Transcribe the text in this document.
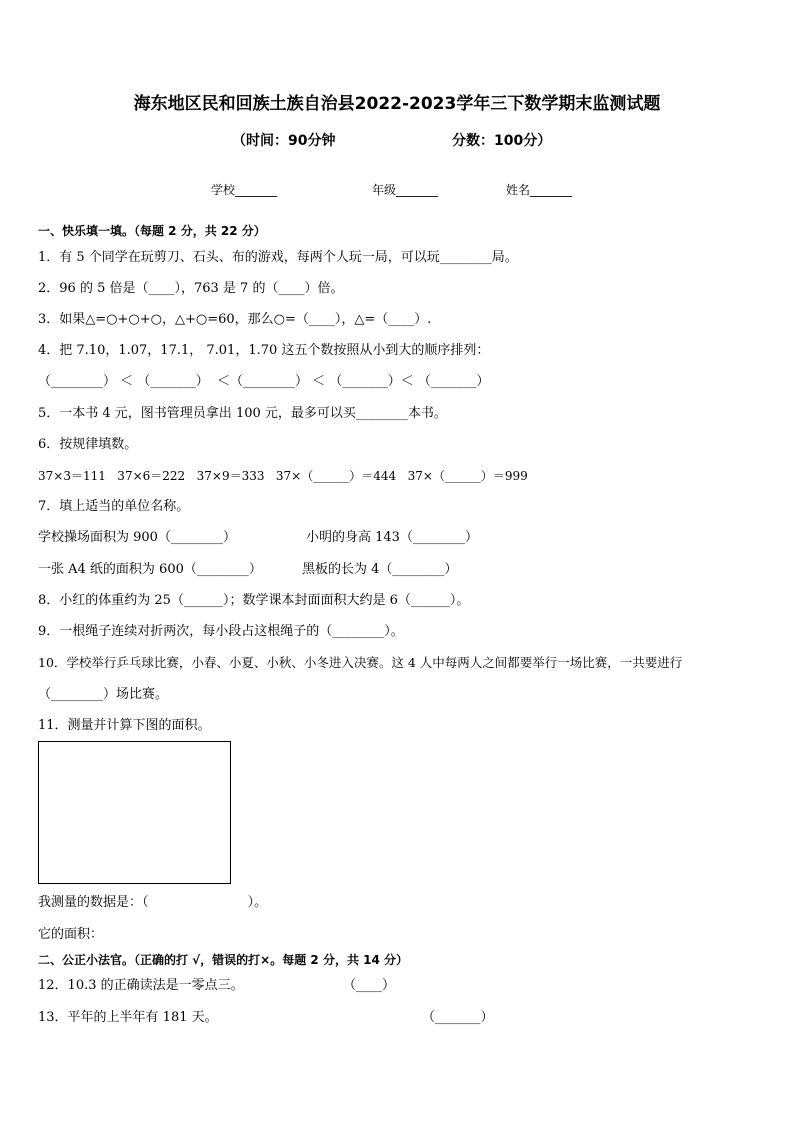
海东地区民和回族土族自治县2022-2023学年三下数学期末监测试题
（时间：90分钟	分数：100分）
学校_______	年级_______	姓名_______
一、快乐填一填。（每题 2 分，共 22 分）
1．有 5 个同学在玩剪刀、石头、布的游戏，每两个人玩一局，可以玩________局。
2．96 的 5 倍是（____），763 是 7 的（____）倍。
3．如果△=○+○+○，△+○=60，那么○=（____），△=（____）.
4．把 7.10，1.07，17.1， 7.01，1.70 这五个数按照从小到大的顺序排列：
（________） ＜ （_______）  ＜（________） ＜ （_______）＜ （_______）
5．一本书 4 元，图书管理员拿出 100 元，最多可以买________本书。
6．按规律填数。
37×3＝111   37×6＝222   37×9＝333   37×（______）＝444   37×（______）＝999
7．填上适当的单位名称。
学校操场面积为 900（________）	小明的身高 143（________）
一张 A4 纸的面积为 600（________）	黑板的长为 4（________）
8．小红的体重约为 25（______）；数学课本封面面积大约是 6（______）。
9．一根绳子连续对折两次，每小段占这根绳子的（________）。
10．学校举行乒乓球比赛，小春、小夏、小秋、小冬进入决赛。这 4 人中每两人之间都要举行一场比赛，一共要进行
（________）场比赛。
11．测量并计算下图的面积。
我测量的数据是：（                        ）。
它的面积：
二、公正小法官。（正确的打 √，错误的打×。每题 2 分，共 14 分）
12．10.3 的正确读法是一零点三。	（____）
13．平年的上半年有 181 天。	（_______）
